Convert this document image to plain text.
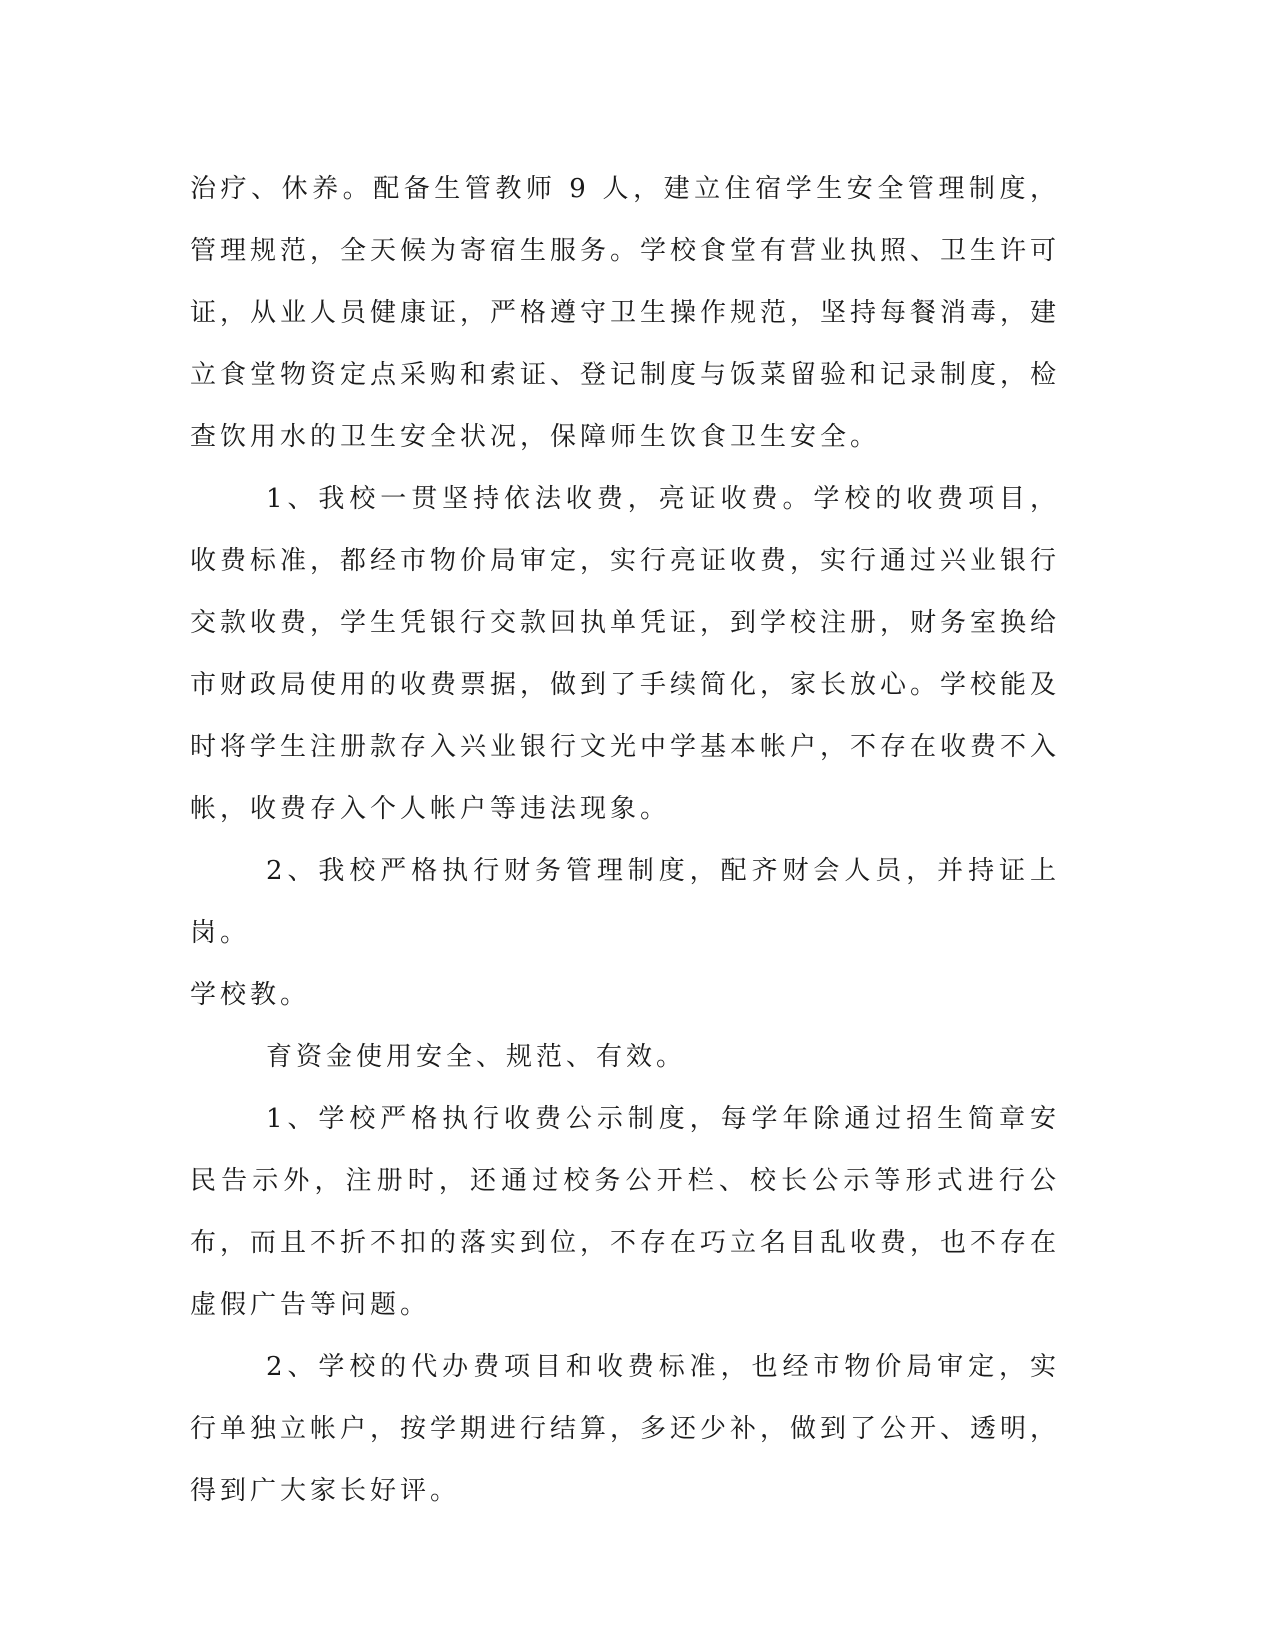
治疗、休养。配备生管教师 9 人，建立住宿学生安全管理制度，管理规范，全天候为寄宿生服务。学校食堂有营业执照、卫生许可证，从业人员健康证，严格遵守卫生操作规范，坚持每餐消毒，建立食堂物资定点采购和索证、登记制度与饭菜留验和记录制度，检查饮用水的卫生安全状况，保障师生饮食卫生安全。

1、我校一贯坚持依法收费，亮证收费。学校的收费项目，收费标准，都经市物价局审定，实行亮证收费，实行通过兴业银行交款收费，学生凭银行交款回执单凭证，到学校注册，财务室换给市财政局使用的收费票据，做到了手续简化，家长放心。学校能及时将学生注册款存入兴业银行文光中学基本帐户，不存在收费不入帐，收费存入个人帐户等违法现象。

2、我校严格执行财务管理制度，配齐财会人员，并持证上岗。

学校教。

育资金使用安全、规范、有效。

1、学校严格执行收费公示制度，每学年除通过招生简章安民告示外，注册时，还通过校务公开栏、校长公示等形式进行公布，而且不折不扣的落实到位，不存在巧立名目乱收费，也不存在虚假广告等问题。

2、学校的代办费项目和收费标准，也经市物价局审定，实行单独立帐户，按学期进行结算，多还少补，做到了公开、透明，得到广大家长好评。
